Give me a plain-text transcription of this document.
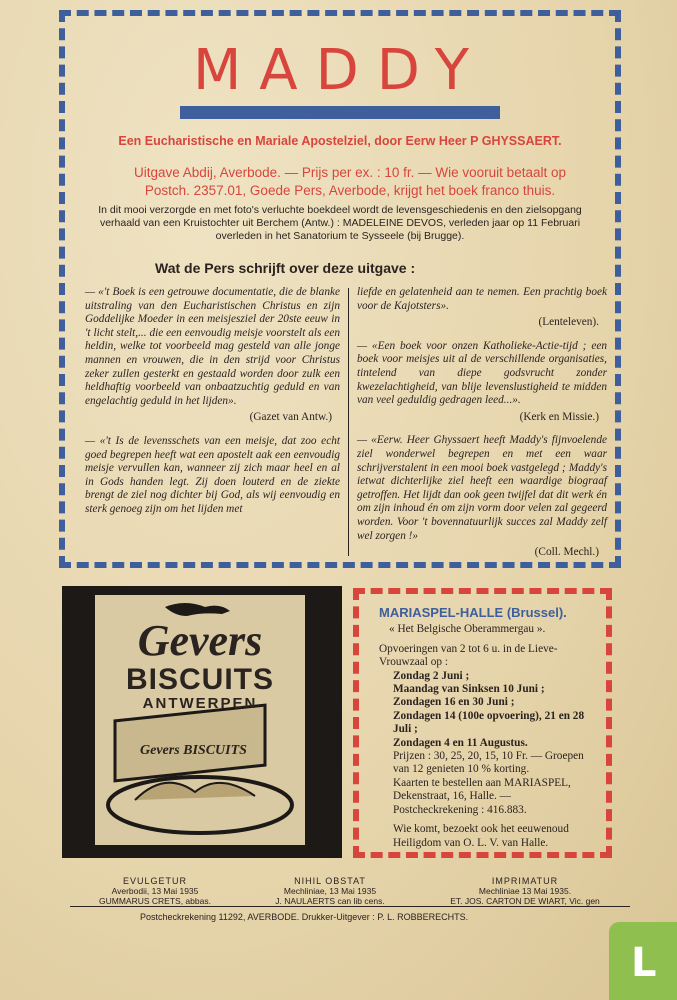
MADDY
Een Eucharistische en Mariale Apostelziel, door Eerw Heer P GHYSSAERT.
Uitgave Abdij, Averbode. — Prijs per ex. : 10 fr. — Wie vooruit betaalt op
Postch. 2357.01, Goede Pers, Averbode, krijgt het boek franco thuis.
In dit mooi verzorgde en met foto's verluchte boekdeel wordt de levensgeschiedenis en den zielsopgang verhaald van een Kruistochter uit Berchem (Antw.) : MADELEINE DEVOS, verleden jaar op 11 Februari overleden in het Sanatorium te Sysseele (bij Brugge).
Wat de Pers schrijft over deze uitgave :

— «'t Boek is een getrouwe documentatie, die de blanke uitstraling van den Eucharistischen Christus en zijn Goddelijke Moeder in een meisjesziel der 20ste eeuw in 't licht stelt,... die een eenvoudig meisje voorstelt als een heldin, welke tot voorbeeld mag gesteld van alle jonge mannen en vrouwen, die in den strijd voor Christus zeker zullen gesterkt en gestaald worden door zulk een heldhaftig voorbeeld van onbaatzuchtig geduld en van engelachtig geduld in het lijden».

(Gazet van Antw.)

— «'t Is de levensschets van een meisje, dat zoo echt goed begrepen heeft wat een apostelt aak een eenvoudig meisje vervullen kan, wanneer zij zich maar heel en al in Gods handen legt. Zij doen louterd en de ziekte brengt de ziel nog dichter bij God, als wij eenvoudig en sterk genoeg zijn om het lijden met

liefde en gelatenheid aan te nemen. Een prachtig boek voor de Kajotsters».

(Lenteleven).

— «Een boek voor onzen Katholieke-Actie-tijd ; een boek voor meisjes uit al de verschillende organisaties, tintelend van diepe godsvrucht zonder kwezelachtigheid, van blije levenslustigheid te midden van veel geduldig gedragen leed...».

(Kerk en Missie.)

— «Eerw. Heer Ghyssaert heeft Maddy's fijnvoelende ziel wonderwel begrepen en met een waar schrijverstalent in een mooi boek vastgelegd ; Maddy's ietwat dichterlijke ziel heeft een waardige biograaf getroffen. Het lijdt dan ook geen twijfel dat dit werk én om zijn inhoud én om zijn vorm door velen zal gegeerd worden. Voor 't bovennatuurlijk succes zal Maddy zelf wel zorgen !»

(Coll. Mechl.)
Gevers
BISCUITS
ANTWERPEN
Gevers BISCUITS
MARIASPEL-HALLE (Brussel).
« Het Belgische Oberammergau ».

Opvoeringen van 2 tot 6 u. in de Lieve-Vrouwzaal op :

Zondag 2 Juni ;

Maandag van Sinksen 10 Juni ;

Zondagen 16 en 30 Juni ;

Zondagen 14 (100e opvoering), 21 en 28 Juli ;

Zondagen 4 en 11 Augustus.

Prijzen : 30, 25, 20, 15, 10 Fr. — Groepen van 12 genieten 10 % korting.

Kaarten te bestellen aan MARIASPEL, Dekenstraat, 16, Halle. — Postcheckrekening : 416.883.

Wie komt, bezoekt ook het eeuwenoud Heiligdom van O. L. V. van Halle.

EVULGETUR
Averbodii, 13 Mai 1935
GUMMARUS CRETS, abbas.
NIHIL OBSTAT
Mechliniae, 13 Mai 1935
J. NAULAERTS can lib cens.
IMPRIMATUR
Mechliniae 13 Mai 1935.
ET. JOS. CARTON DE WIART, Vic. gen
Postcheckrekening 11292, AVERBODE. Drukker-Uitgever : P. L. ROBBERECHTS.
L
